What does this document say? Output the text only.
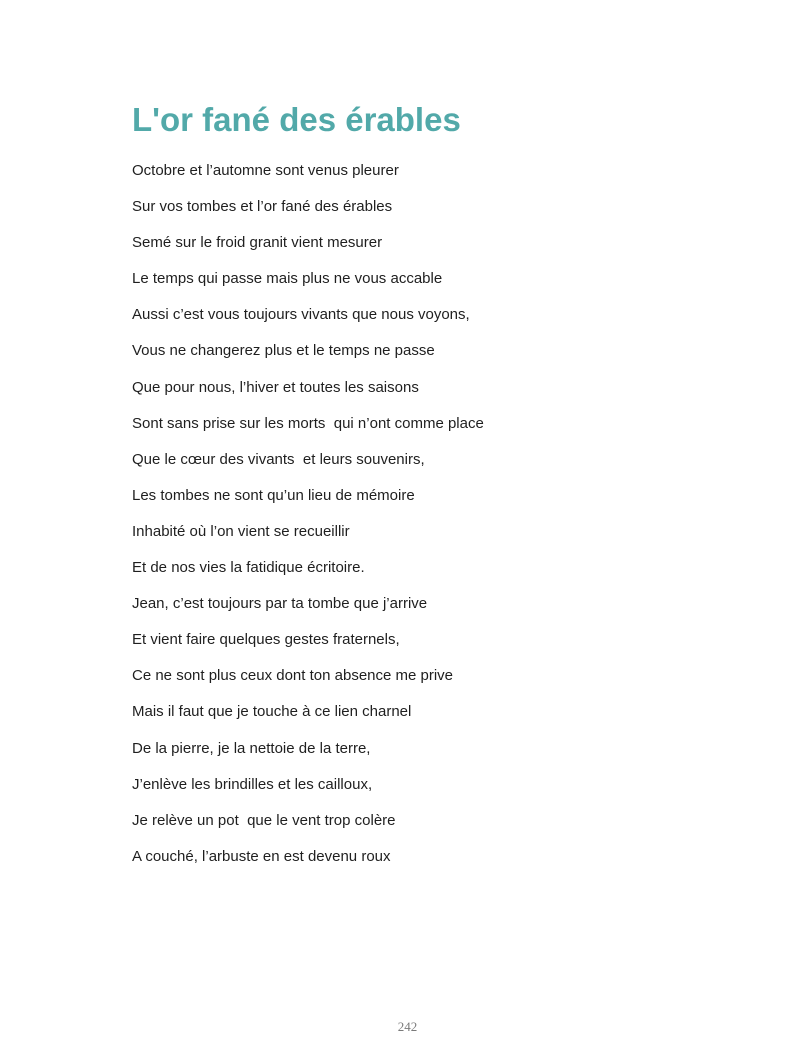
L'or fané des érables
Octobre et l’automne sont venus pleurer
Sur vos tombes et l’or fané des érables
Semé sur le froid granit vient mesurer
Le temps qui passe mais plus ne vous accable
Aussi c’est vous toujours vivants que nous voyons,
Vous ne changerez plus et le temps ne passe
Que pour nous, l’hiver et toutes les saisons
Sont sans prise sur les morts  qui n’ont comme place
Que le cœur des vivants  et leurs souvenirs,
Les tombes ne sont qu’un lieu de mémoire
Inhabité où l’on vient se recueillir
Et de nos vies la fatidique écritoire.
Jean, c’est toujours par ta tombe que j’arrive
Et vient faire quelques gestes fraternels,
Ce ne sont plus ceux dont ton absence me prive
Mais il faut que je touche à ce lien charnel
De la pierre, je la nettoie de la terre,
J’enlève les brindilles et les cailloux,
Je relève un pot  que le vent trop colère
A couché, l’arbuste en est devenu roux
242
